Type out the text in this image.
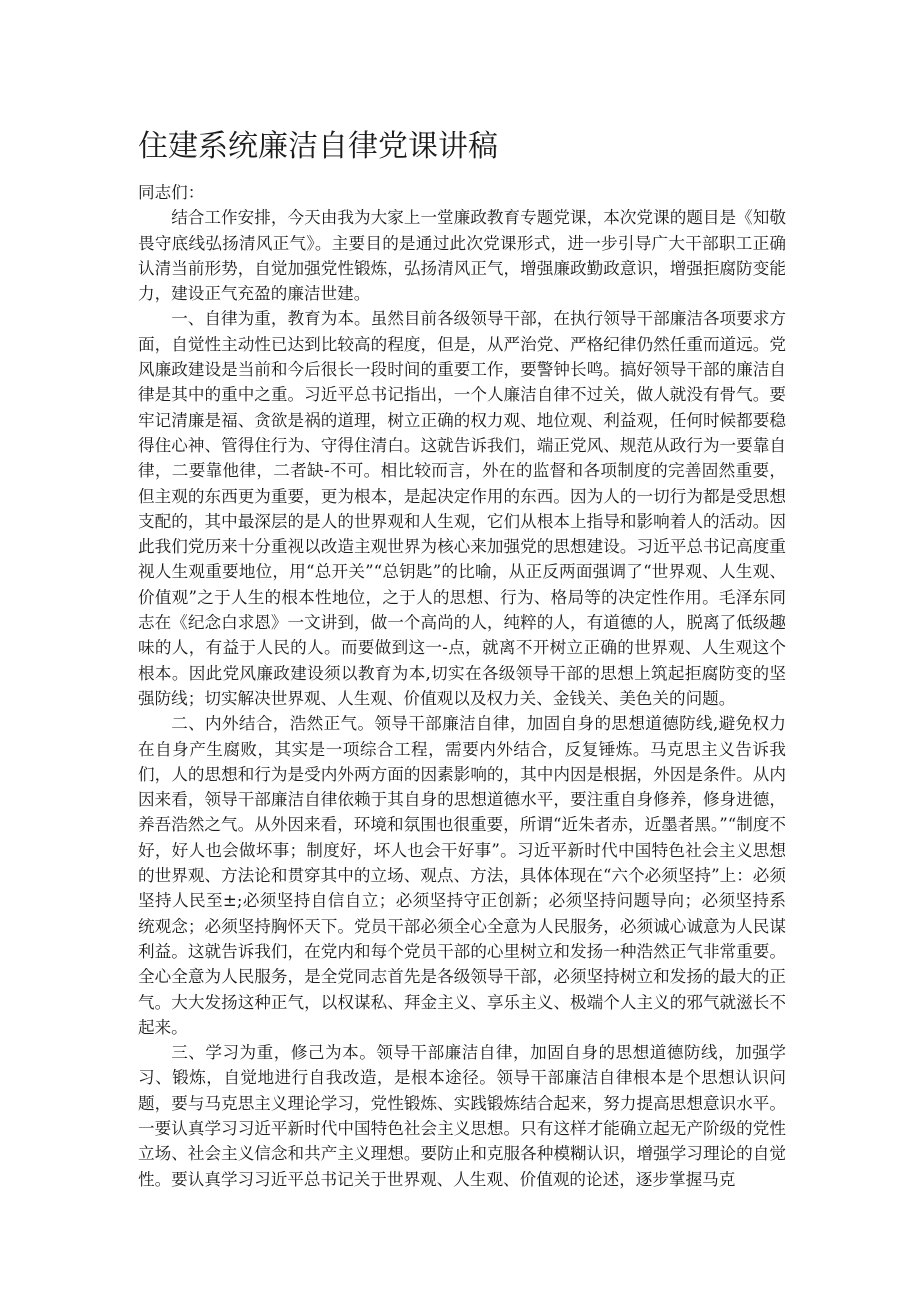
住建系统廉洁自律党课讲稿

同志们：

结合工作安排，今天由我为大家上一堂廉政教育专题党课，本次党课的题目是《知敬畏守底线弘扬清风正气》。主要目的是通过此次党课形式，进一步引导广大干部职工正确认清当前形势，自觉加强党性锻炼，弘扬清风正气，增强廉政勤政意识，增强拒腐防变能力，建设正气充盈的廉洁世建。

一、自律为重，教育为本。虽然目前各级领导干部，在执行领导干部廉洁各项要求方面，自觉性主动性已达到比较高的程度，但是，从严治党、严格纪律仍然任重而道远。党风廉政建设是当前和今后很长一段时间的重要工作，要警钟长鸣。搞好领导干部的廉洁自律是其中的重中之重。习近平总书记指出，一个人廉洁自律不过关，做人就没有骨气。要牢记清廉是福、贪欲是祸的道理，树立正确的权力观、地位观、利益观，任何时候都要稳得住心神、管得住行为、守得住清白。这就告诉我们，端正党风、规范从政行为一要靠自律，二要靠他律，二者缺-不可。相比较而言，外在的监督和各项制度的完善固然重要，但主观的东西更为重要，更为根本，是起决定作用的东西。因为人的一切行为都是受思想支配的，其中最深层的是人的世界观和人生观，它们从根本上指导和影响着人的活动。因此我们党历来十分重视以改造主观世界为核心来加强党的思想建设。习近平总书记高度重视人生观重要地位，用“总开关”“总钥匙”的比喻，从正反两面强调了“世界观、人生观、价值观”之于人生的根本性地位，之于人的思想、行为、格局等的决定性作用。毛泽东同志在《纪念白求恩》一文讲到，做一个高尚的人，纯粹的人，有道德的人，脱离了低级趣味的人，有益于人民的人。而要做到这一-点，就离不开树立正确的世界观、人生观这个根本。因此党风廉政建设须以教育为本,切实在各级领导干部的思想上筑起拒腐防变的坚强防线；切实解决世界观、人生观、价值观以及权力关、金钱关、美色关的问题。

二、内外结合，浩然正气。领导干部廉洁自律，加固自身的思想道德防线,避免权力在自身产生腐败，其实是一项综合工程，需要内外结合，反复锤炼。马克思主义告诉我们，人的思想和行为是受内外两方面的因素影响的，其中内因是根据，外因是条件。从内因来看，领导干部廉洁自律依赖于其自身的思想道德水平，要注重自身修养，修身进德，养吾浩然之气。从外因来看，环境和氛围也很重要，所谓“近朱者赤，近墨者黑。”“制度不好，好人也会做坏事；制度好，坏人也会干好事”。习近平新时代中国特色社会主义思想的世界观、方法论和贯穿其中的立场、观点、方法，具体体现在“六个必须坚持”上：必须坚持人民至±;必须坚持自信自立；必须坚持守正创新；必须坚持问题导向；必须坚持系统观念；必须坚持胸怀天下。党员干部必须全心全意为人民服务，必须诚心诚意为人民谋利益。这就告诉我们，在党内和每个党员干部的心里树立和发扬一种浩然正气非常重要。全心全意为人民服务，是全党同志首先是各级领导干部，必须坚持树立和发扬的最大的正气。大大发扬这种正气，以权谋私、拜金主义、享乐主义、极端个人主义的邪气就滋长不起来。

三、学习为重，修己为本。领导干部廉洁自律，加固自身的思想道德防线，加强学习、锻炼，自觉地进行自我改造，是根本途径。领导干部廉洁自律根本是个思想认识问题，要与马克思主义理论学习，党性锻炼、实践锻炼结合起来，努力提高思想意识水平。一要认真学习习近平新时代中国特色社会主义思想。只有这样才能确立起无产阶级的党性立场、社会主义信念和共产主义理想。要防止和克服各种模糊认识，增强学习理论的自觉性。要认真学习习近平总书记关于世界观、人生观、价值观的论述，逐步掌握马克
